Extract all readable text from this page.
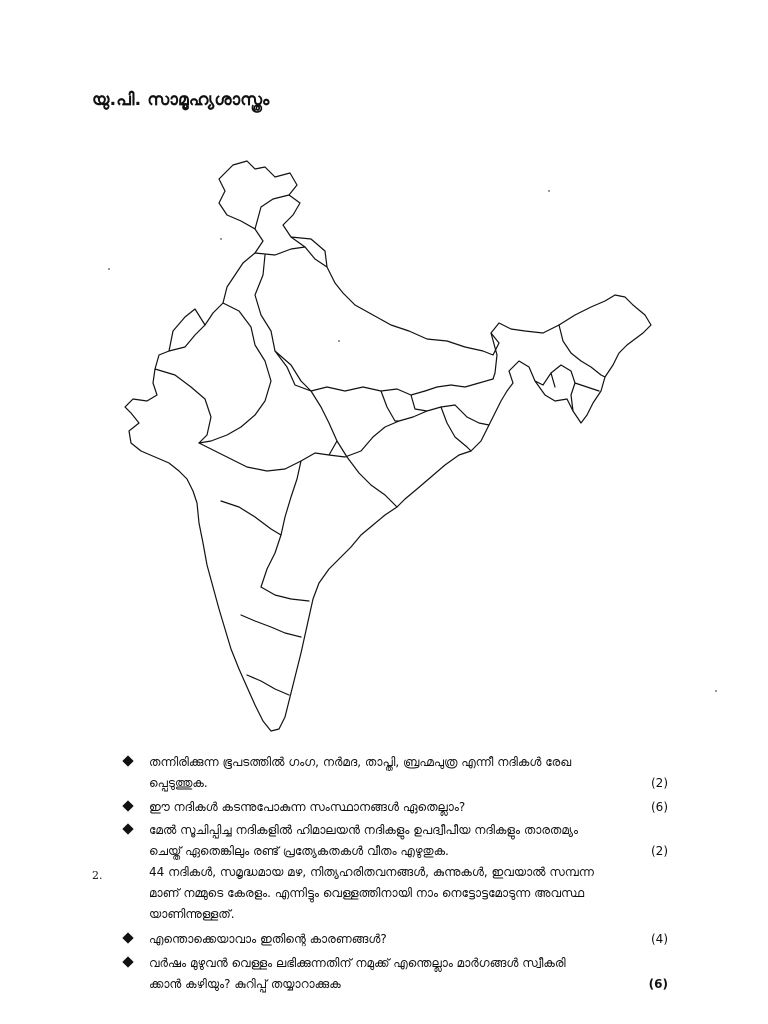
യു.പി. സാമൂഹ്യശാസ്ത്രം
തന്നിരിക്കുന്ന ഭൂപടത്തിൽ ഗംഗ, നർമദ, താപ്തി, ബ്രഹ്മപുത്ര എന്നീ നദികൾ രേഖ
പ്പെടുത്തുക.	(2)
ഈ നദികൾ കടന്നുപോകുന്ന സംസ്ഥാനങ്ങൾ ഏതെല്ലാം?	(6)
മേൽ സൂചിപ്പിച്ച നദികളിൽ ഹിമാലയൻ നദികളും ഉപദ്വീപീയ നദികളും താരതമ്യം
ചെയ്ത് ഏതെങ്കിലും രണ്ട് പ്രത്യേകതകൾ വീതം എഴുതുക.	(2)
2.	44 നദികൾ, സമൃദ്ധമായ മഴ, നിത്യഹരിതവനങ്ങൾ, കുന്നുകൾ, ഇവയാൽ സമ്പന്ന
മാണ് നമ്മുടെ കേരളം. എന്നിട്ടും വെള്ളത്തിനായി നാം നെട്ടോട്ടമോടുന്ന അവസ്ഥ
യാണിന്നുള്ളത്.
എന്തൊക്കെയാവാം ഇതിന്റെ കാരണങ്ങൾ?	(4)
വർഷം മുഴുവൻ വെള്ളം ലഭിക്കുന്നതിന് നമുക്ക് എന്തെല്ലാം മാർഗങ്ങൾ സ്വീകരി
ക്കാൻ കഴിയും? കുറിപ്പ് തയ്യാറാക്കുക	(6)
